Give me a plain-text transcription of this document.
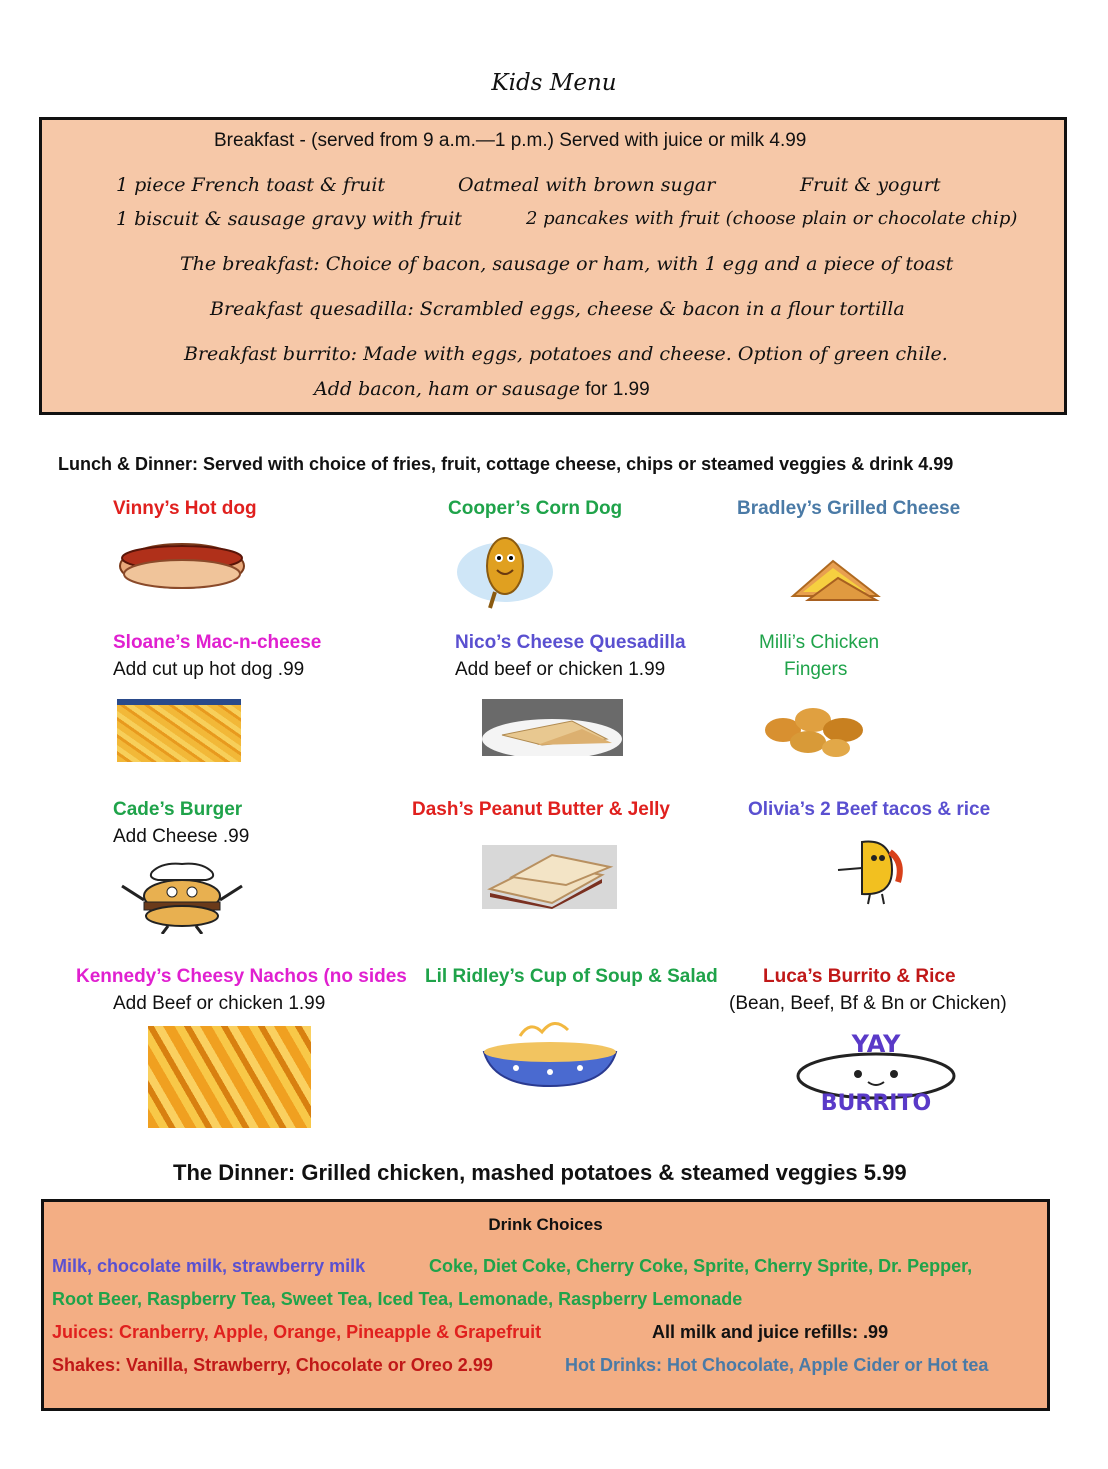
Kids Menu
Breakfast - (served from 9 a.m.—1 p.m.) Served with juice or milk 4.99
1 piece French toast & fruit	Oatmeal with brown sugar	Fruit & yogurt
1 biscuit & sausage gravy with fruit	2 pancakes with fruit (choose plain or chocolate chip)
The breakfast: Choice of bacon, sausage or ham, with 1 egg and a piece of toast
Breakfast quesadilla: Scrambled eggs, cheese & bacon in a flour tortilla
Breakfast burrito: Made with eggs, potatoes and cheese. Option of green chile.
Add bacon, ham or sausage for 1.99
Lunch & Dinner: Served with choice of fries, fruit, cottage cheese, chips or steamed veggies & drink 4.99
Vinny’s Hot dog	Cooper’s Corn Dog	Bradley’s Grilled Cheese
Sloane’s Mac-n-cheese
Add cut up hot dog .99
Nico’s Cheese Quesadilla
Add beef or chicken 1.99
Milli’s Chicken
Fingers
Cade’s Burger
Add Cheese .99
Dash’s Peanut Butter & Jelly	Olivia’s 2 Beef tacos & rice
Kennedy’s Cheesy Nachos (no sides
Add Beef or chicken 1.99
Lil Ridley’s Cup of Soup & Salad Luca’s Burrito & Rice
(Bean, Beef, Bf & Bn or Chicken)
YAY
BURRITO
The Dinner: Grilled chicken, mashed potatoes & steamed veggies 5.99
Drink Choices
Milk, chocolate milk, strawberry milk	Coke, Diet Coke, Cherry Coke, Sprite, Cherry Sprite, Dr. Pepper,
Root Beer, Raspberry Tea, Sweet Tea, Iced Tea, Lemonade, Raspberry Lemonade
Juices: Cranberry, Apple, Orange, Pineapple & Grapefruit	All milk and juice refills: .99
Shakes: Vanilla, Strawberry, Chocolate or Oreo 2.99	Hot Drinks: Hot Chocolate, Apple Cider or Hot tea
